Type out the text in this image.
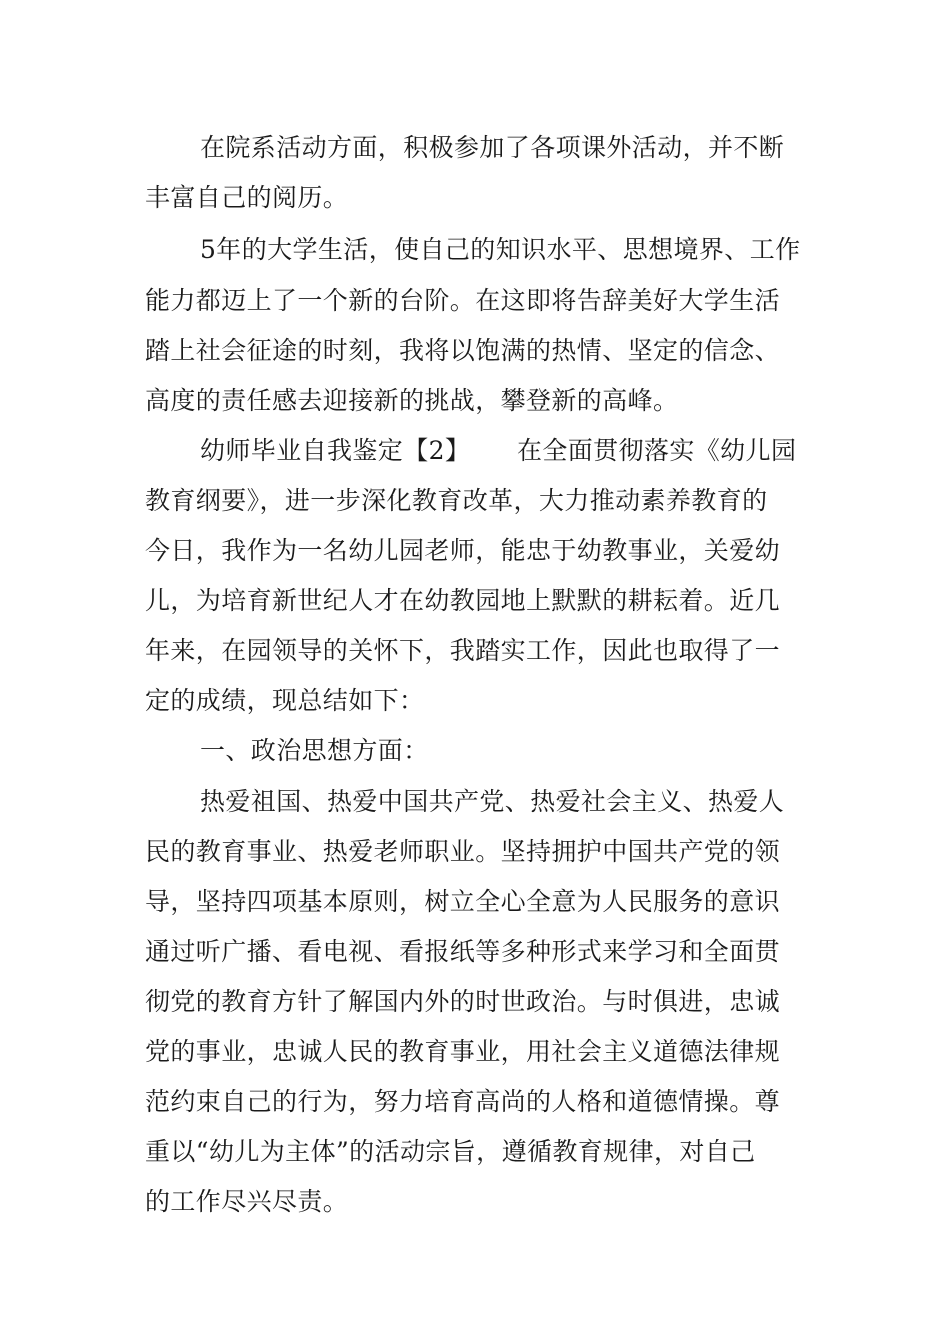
在院系活动方面，积极参加了各项课外活动，并不断
丰富自己的阅历。
5年的大学生活，使自己的知识水平、思想境界、工作
能力都迈上了一个新的台阶。在这即将告辞美好大学生活
踏上社会征途的时刻，我将以饱满的热情、坚定的信念、
高度的责任感去迎接新的挑战，攀登新的高峰。
幼师毕业自我鉴定【2】　　 在全面贯彻落实《幼儿园
教育纲要》，进一步深化教育改革，大力推动素养教育的
今日，我作为一名幼儿园老师，能忠于幼教事业，关爱幼
儿，为培育新世纪人才在幼教园地上默默的耕耘着。近几
年来，在园领导的关怀下，我踏实工作，因此也取得了一
定的成绩，现总结如下：
一、政治思想方面：
热爱祖国、热爱中国共产党、热爱社会主义、热爱人
民的教育事业、热爱老师职业。坚持拥护中国共产党的领
导，坚持四项基本原则，树立全心全意为人民服务的意识
通过听广播、看电视、看报纸等多种形式来学习和全面贯
彻党的教育方针了解国内外的时世政治。与时俱进，忠诚
党的事业，忠诚人民的教育事业，用社会主义道德法律规
范约束自己的行为，努力培育高尚的人格和道德情操。尊
重以“幼儿为主体”的活动宗旨，遵循教育规律，对自己
的工作尽兴尽责。
